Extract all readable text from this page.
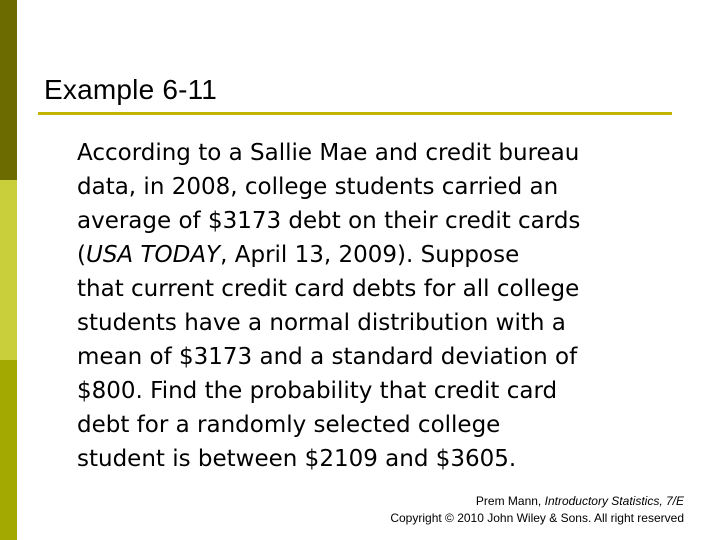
Example 6-11
According to a Sallie Mae and credit bureau
data, in 2008, college students carried an
average of $3173 debt on their credit cards
(USA TODAY, April 13, 2009). Suppose
that current credit card debts for all college
students have a normal distribution with a
mean of $3173 and a standard deviation of
$800. Find the probability that credit card
debt for a randomly selected college
student is between $2109 and $3605.
Prem Mann, Introductory Statistics, 7/E
Copyright © 2010 John Wiley & Sons. All right reserved
